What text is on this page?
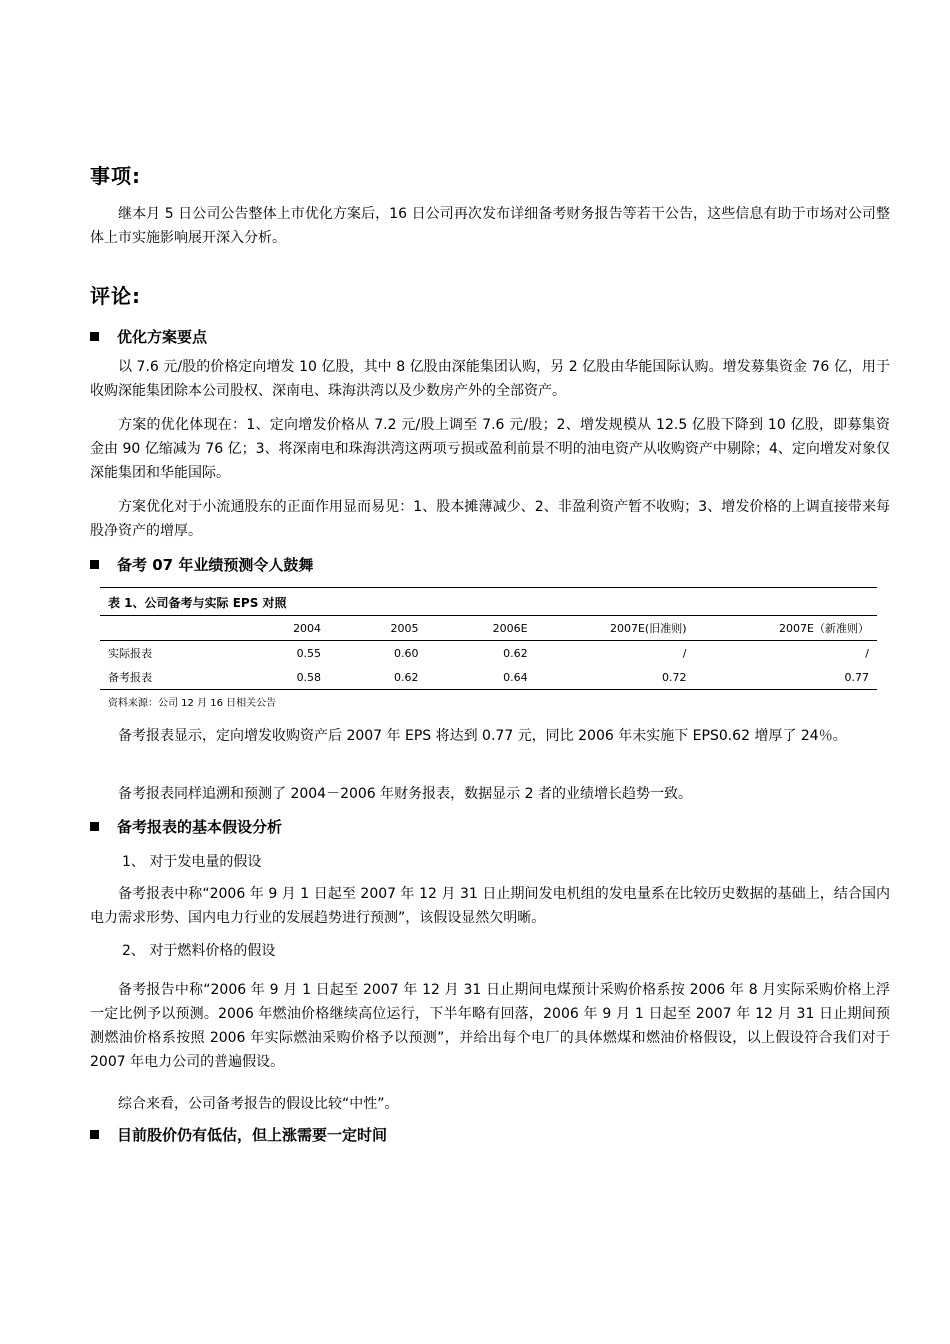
事项:
继本月 5 日公司公告整体上市优化方案后，16 日公司再次发布详细备考财务报告等若干公告，这些信息有助于市场对公司整体上市实施影响展开深入分析。
评论:
优化方案要点
以 7.6 元/股的价格定向增发 10 亿股，其中 8 亿股由深能集团认购，另 2 亿股由华能国际认购。增发募集资金 76 亿，用于收购深能集团除本公司股权、深南电、珠海洪湾以及少数房产外的全部资产。
方案的优化体现在：1、定向增发价格从 7.2 元/股上调至 7.6 元/股；2、增发规模从 12.5 亿股下降到 10 亿股，即募集资金由 90 亿缩减为 76 亿；3、将深南电和珠海洪湾这两项亏损或盈利前景不明的油电资产从收购资产中剔除；4、定向增发对象仅深能集团和华能国际。
方案优化对于小流通股东的正面作用显而易见：1、股本摊薄减少、2、非盈利资产暂不收购；3、增发价格的上调直接带来每股净资产的增厚。
备考 07 年业绩预测令人鼓舞
表 1、公司备考与实际 EPS 对照
	2004	2005	2006E	2007E(旧准则)	2007E（新准则）
实际报表	0.55	0.60	0.62	/	/
备考报表	0.58	0.62	0.64	0.72	0.77
资料来源：公司 12 月 16 日相关公告
备考报表显示，定向增发收购资产后 2007 年 EPS 将达到 0.77 元，同比 2006 年未实施下 EPS0.62 增厚了 24％。
备考报表同样追溯和预测了 2004－2006 年财务报表，数据显示 2 者的业绩增长趋势一致。
备考报表的基本假设分析
1、 对于发电量的假设
备考报表中称“2006 年 9 月 1 日起至 2007 年 12 月 31 日止期间发电机组的发电量系在比较历史数据的基础上，结合国内电力需求形势、国内电力行业的发展趋势进行预测”，该假设显然欠明晰。
2、 对于燃料价格的假设
备考报告中称“2006 年 9 月 1 日起至 2007 年 12 月 31 日止期间电煤预计采购价格系按 2006 年 8 月实际采购价格上浮一定比例予以预测。2006 年燃油价格继续高位运行，下半年略有回落，2006 年 9 月 1 日起至 2007 年 12 月 31 日止期间预测燃油价格系按照 2006 年实际燃油采购价格予以预测”，并给出每个电厂的具体燃煤和燃油价格假设，以上假设符合我们对于 2007 年电力公司的普遍假设。
综合来看，公司备考报告的假设比较“中性”。
目前股价仍有低估，但上涨需要一定时间
